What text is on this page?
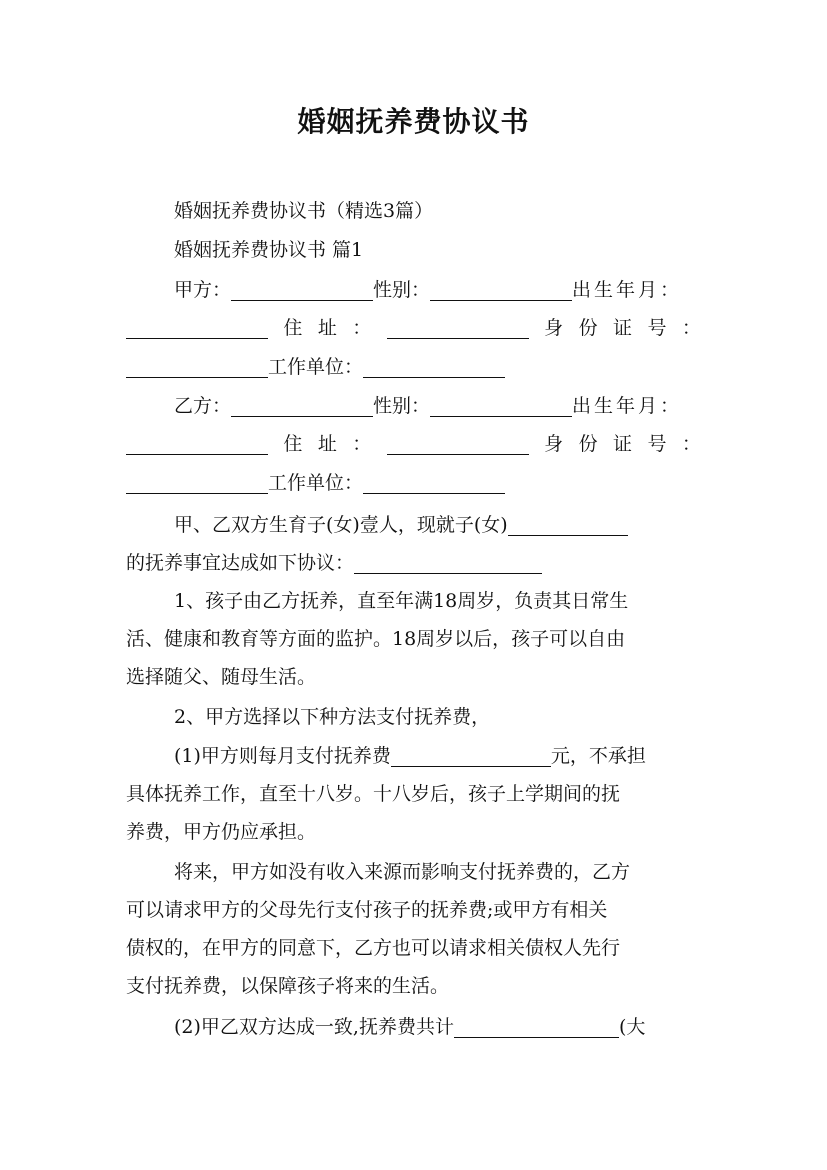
婚姻抚养费协议书
婚姻抚养费协议书（精选3篇）
婚姻抚养费协议书 篇1
甲方：	性别：	出生年月：
住 址 ：	身 份 证 号 ：
工作单位：
乙方：	性别：	出生年月：
住 址 ：	身 份 证 号 ：
工作单位：
甲、乙双方生育子(女)壹人，现就子(女)
的抚养事宜达成如下协议：
1、孩子由乙方抚养，直至年满18周岁，负责其日常生
活、健康和教育等方面的监护。18周岁以后，孩子可以自由
选择随父、随母生活。
2、甲方选择以下种方法支付抚养费，
(1)甲方则每月支付抚养费	元，不承担
具体抚养工作，直至十八岁。十八岁后，孩子上学期间的抚
养费，甲方仍应承担。
将来，甲方如没有收入来源而影响支付抚养费的，乙方
可以请求甲方的父母先行支付孩子的抚养费;或甲方有相关
债权的，在甲方的同意下，乙方也可以请求相关债权人先行
支付抚养费，以保障孩子将来的生活。
(2)甲乙双方达成一致,抚养费共计	(大
